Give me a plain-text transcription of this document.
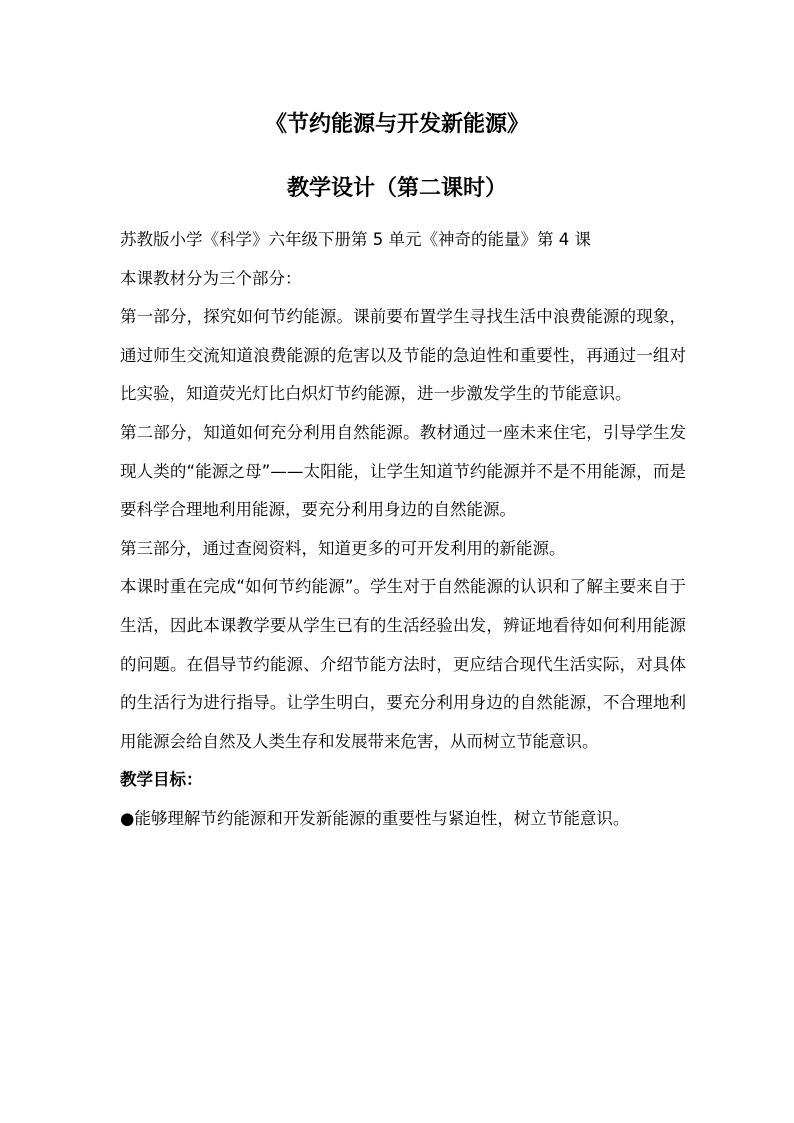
《节约能源与开发新能源》
教学设计（第二课时）

苏教版小学《科学》六年级下册第 5 单元《神奇的能量》第 4 课

本课教材分为三个部分：

第一部分，探究如何节约能源。课前要布置学生寻找生活中浪费能源的现象，通过师生交流知道浪费能源的危害以及节能的急迫性和重要性，再通过一组对比实验，知道荧光灯比白炽灯节约能源，进一步激发学生的节能意识。

第二部分，知道如何充分利用自然能源。教材通过一座未来住宅，引导学生发现人类的“能源之母”——太阳能，让学生知道节约能源并不是不用能源，而是要科学合理地利用能源，要充分利用身边的自然能源。

第三部分，通过查阅资料，知道更多的可开发利用的新能源。

本课时重在完成“如何节约能源”。学生对于自然能源的认识和了解主要来自于生活，因此本课教学要从学生已有的生活经验出发，辨证地看待如何利用能源的问题。在倡导节约能源、介绍节能方法时，更应结合现代生活实际，对具体的生活行为进行指导。让学生明白，要充分利用身边的自然能源，不合理地利用能源会给自然及人类生存和发展带来危害，从而树立节能意识。

教学目标：

●能够理解节约能源和开发新能源的重要性与紧迫性，树立节能意识。
